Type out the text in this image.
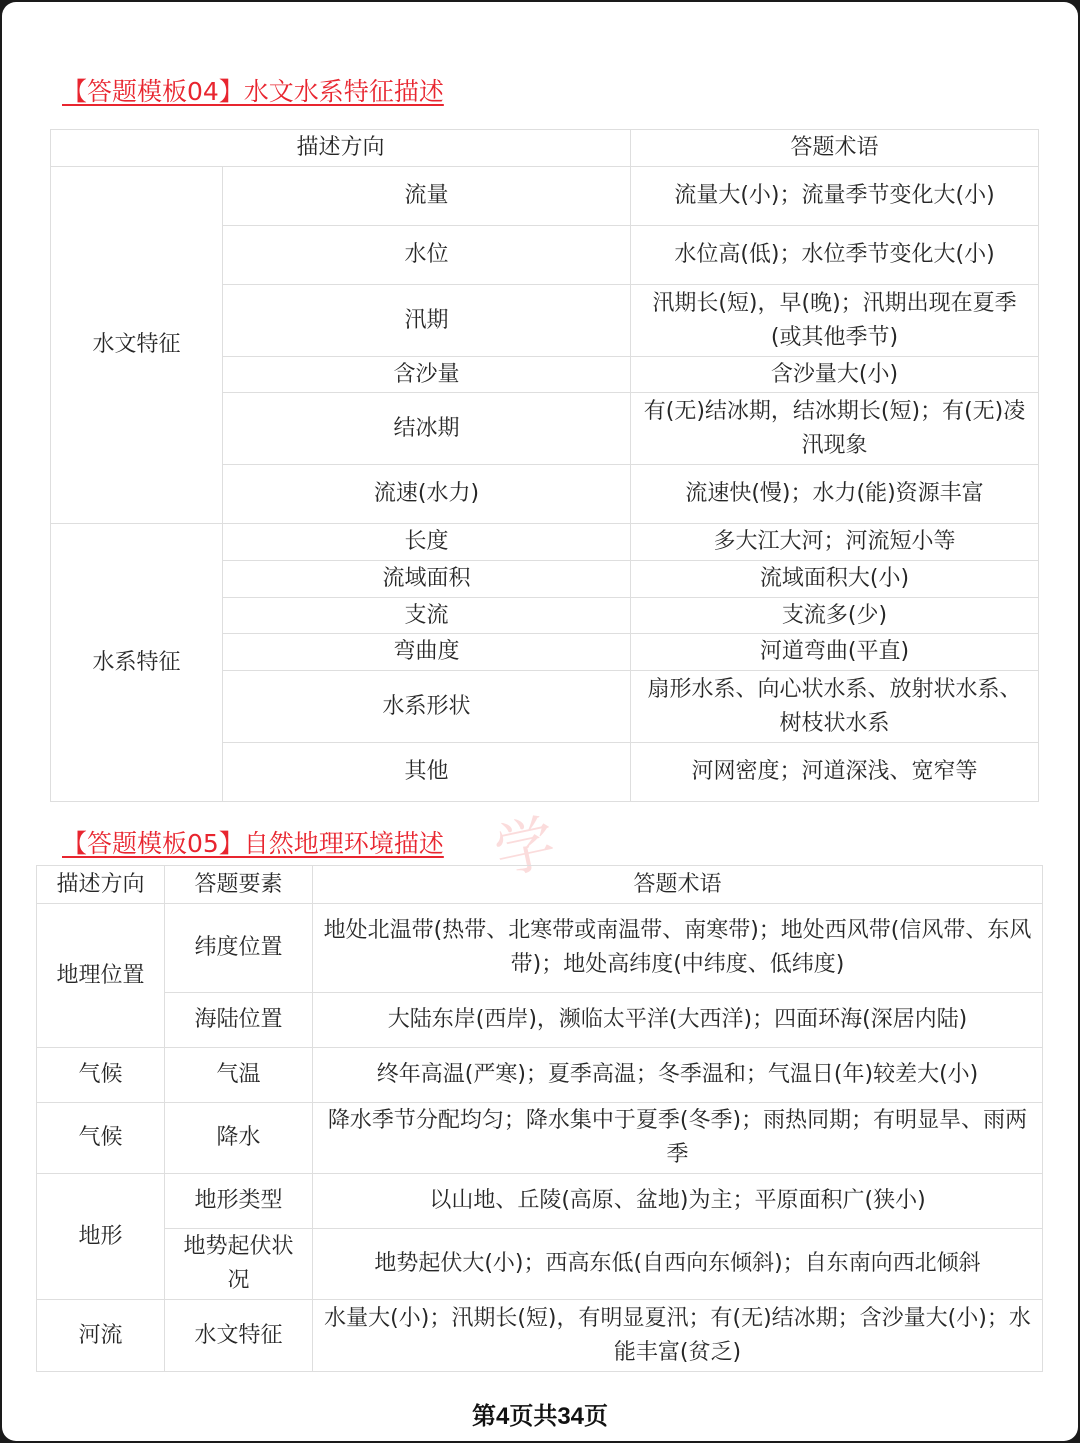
学
【答题模板04】水文水系特征描述
描述方向		答题术语
水文特征	流量	流量大(小)；流量季节变化大(小)
	水位	水位高(低)；水位季节变化大(小)
	汛期	汛期长(短)，早(晚)；汛期出现在夏季(或其他季节)
	含沙量	含沙量大(小)
	结冰期	有(无)结冰期，结冰期长(短)；有(无)凌汛现象
	流速(水力)	流速快(慢)；水力(能)资源丰富
水系特征	长度	多大江大河；河流短小等
	流域面积	流域面积大(小)
	支流	支流多(少)
	弯曲度	河道弯曲(平直)
	水系形状	扇形水系、向心状水系、放射状水系、树枝状水系
	其他	河网密度；河道深浅、宽窄等
【答题模板05】自然地理环境描述
描述方向	答题要素	答题术语
地理位置	纬度位置	地处北温带(热带、北寒带或南温带、南寒带)；地处西风带(信风带、东风带)；地处高纬度(中纬度、低纬度)
	海陆位置	大陆东岸(西岸)，濒临太平洋(大西洋)；四面环海(深居内陆)
气候	气温	终年高温(严寒)；夏季高温；冬季温和；气温日(年)较差大(小)
气候	降水	降水季节分配均匀；降水集中于夏季(冬季)；雨热同期；有明显旱、雨两季
地形	地形类型	以山地、丘陵(高原、盆地)为主；平原面积广(狭小)
	地势起伏状况	地势起伏大(小)；西高东低(自西向东倾斜)；自东南向西北倾斜
河流	水文特征	水量大(小)；汛期长(短)，有明显夏汛；有(无)结冰期；含沙量大(小)；水能丰富(贫乏)
第4页共34页
